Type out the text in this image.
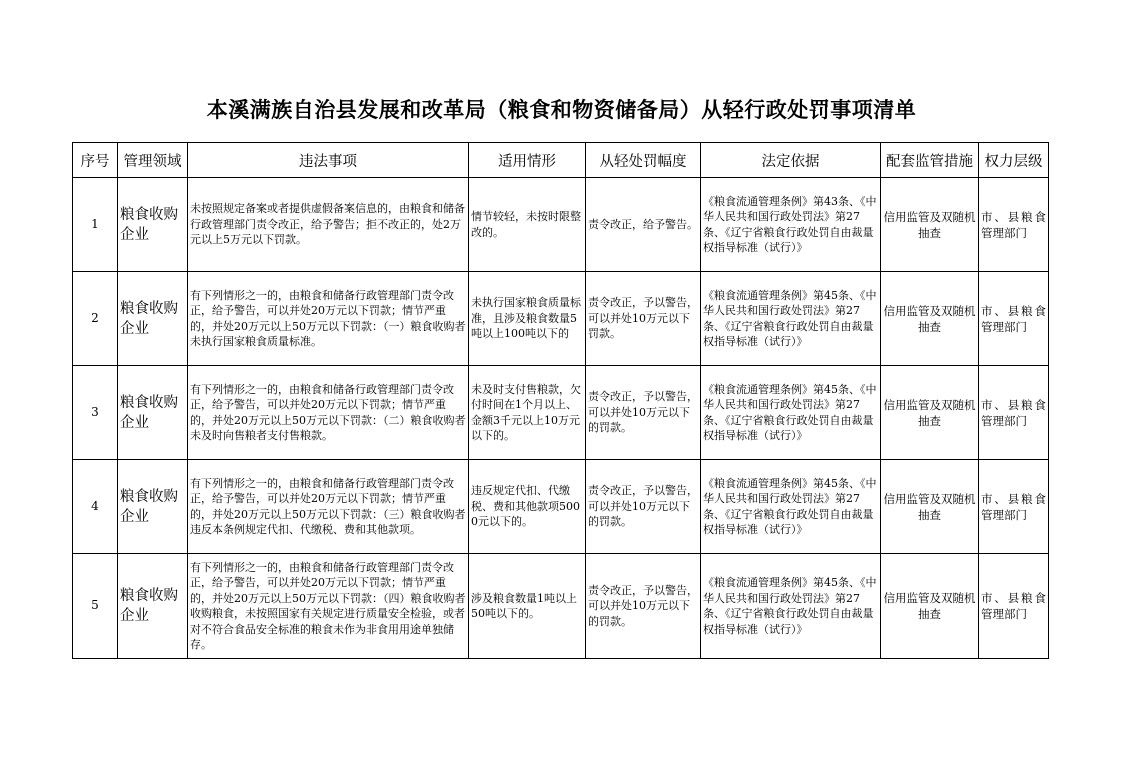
本溪满族自治县发展和改革局（粮食和物资储备局）从轻行政处罚事项清单
序号	管理领域	违法事项	适用情形	从轻处罚幅度	法定依据	配套监管措施	权力层级
1	粮食收购企业	未按照规定备案或者提供虚假备案信息的，由粮食和储备行政管理部门责令改正，给予警告；拒不改正的，处2万元以上5万元以下罚款。	情节较轻，未按时限整改的。	责令改正，给予警告。	《粮食流通管理条例》第43条、《中华人民共和国行政处罚法》第27条、《辽宁省粮食行政处罚自由裁量权指导标准（试行）》	信用监管及双随机抽查	市、县粮食管理部门
2	粮食收购企业	有下列情形之一的，由粮食和储备行政管理部门责令改正，给予警告，可以并处20万元以下罚款；情节严重的，并处20万元以上50万元以下罚款：（一）粮食收购者未执行国家粮食质量标准。	未执行国家粮食质量标准，且涉及粮食数量5吨以上100吨以下的	责令改正，予以警告，可以并处10万元以下罚款。	《粮食流通管理条例》第45条、《中华人民共和国行政处罚法》第27条、《辽宁省粮食行政处罚自由裁量权指导标准（试行）》	信用监管及双随机抽查	市、县粮食管理部门
3	粮食收购企业	有下列情形之一的，由粮食和储备行政管理部门责令改正，给予警告，可以并处20万元以下罚款；情节严重的，并处20万元以上50万元以下罚款：（二）粮食收购者未及时向售粮者支付售粮款。	未及时支付售粮款，欠付时间在1个月以上、金额3千元以上10万元以下的。	责令改正，予以警告，可以并处10万元以下的罚款。	《粮食流通管理条例》第45条、《中华人民共和国行政处罚法》第27条、《辽宁省粮食行政处罚自由裁量权指导标准（试行）》	信用监管及双随机抽查	市、县粮食管理部门
4	粮食收购企业	有下列情形之一的，由粮食和储备行政管理部门责令改正，给予警告，可以并处20万元以下罚款；情节严重的，并处20万元以上50万元以下罚款：（三）粮食收购者违反本条例规定代扣、代缴税、费和其他款项。	违反规定代扣、代缴税、费和其他款项5000元以下的。	责令改正，予以警告，可以并处10万元以下的罚款。	《粮食流通管理条例》第45条、《中华人民共和国行政处罚法》第27条、《辽宁省粮食行政处罚自由裁量权指导标准（试行）》	信用监管及双随机抽查	市、县粮食管理部门
5	粮食收购企业	有下列情形之一的，由粮食和储备行政管理部门责令改正，给予警告，可以并处20万元以下罚款；情节严重的，并处20万元以上50万元以下罚款：（四）粮食收购者收购粮食，未按照国家有关规定进行质量安全检验，或者对不符合食品安全标准的粮食未作为非食用用途单独储存。	涉及粮食数量1吨以上50吨以下的。	责令改正，予以警告，可以并处10万元以下的罚款。	《粮食流通管理条例》第45条、《中华人民共和国行政处罚法》第27条、《辽宁省粮食行政处罚自由裁量权指导标准（试行）》	信用监管及双随机抽查	市、县粮食管理部门
